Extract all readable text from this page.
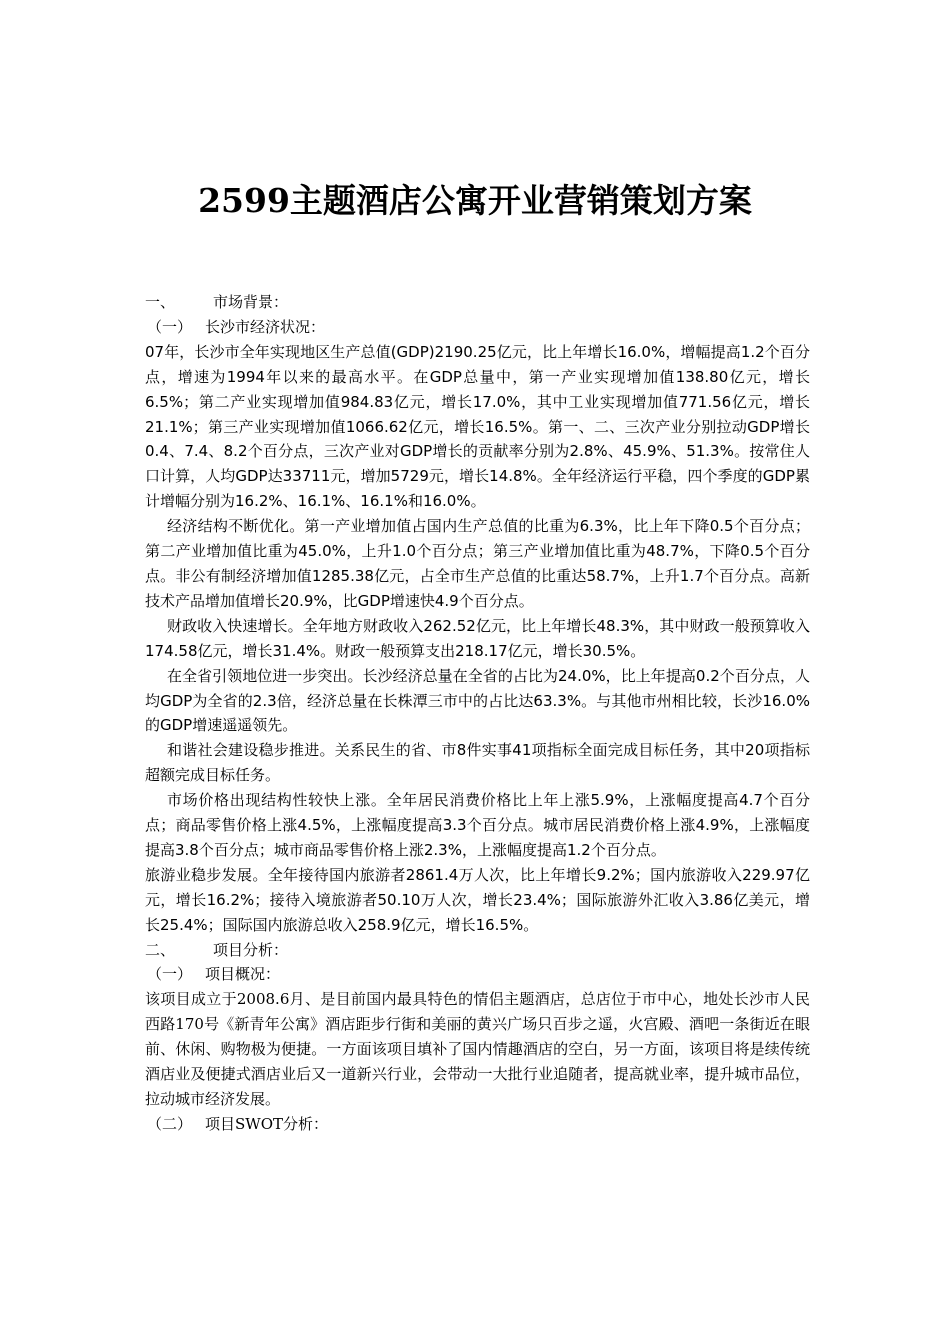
2599主题酒店公寓开业营销策划方案
一、	市场背景：
（一） 长沙市经济状况：

07年，长沙市全年实现地区生产总值(GDP)2190.25亿元，比上年增长16.0%，增幅提高1.2个百分点，增速为1994年以来的最高水平。在GDP总量中，第一产业实现增加值138.80亿元，增长6.5%；第二产业实现增加值984.83亿元，增长17.0%，其中工业实现增加值771.56亿元，增长21.1%；第三产业实现增加值1066.62亿元，增长16.5%。第一、二、三次产业分别拉动GDP增长0.4、7.4、8.2个百分点，三次产业对GDP增长的贡献率分别为2.8%、45.9%、51.3%。按常住人口计算，人均GDP达33711元，增加5729元，增长14.8%。全年经济运行平稳，四个季度的GDP累计增幅分别为16.2%、16.1%、16.1%和16.0%。

经济结构不断优化。第一产业增加值占国内生产总值的比重为6.3%，比上年下降0.5个百分点；第二产业增加值比重为45.0%，上升1.0个百分点；第三产业增加值比重为48.7%，下降0.5个百分点。非公有制经济增加值1285.38亿元，占全市生产总值的比重达58.7%，上升1.7个百分点。高新技术产品增加值增长20.9%，比GDP增速快4.9个百分点。

财政收入快速增长。全年地方财政收入262.52亿元，比上年增长48.3%，其中财政一般预算收入174.58亿元，增长31.4%。财政一般预算支出218.17亿元，增长30.5%。

在全省引领地位进一步突出。长沙经济总量在全省的占比为24.0%，比上年提高0.2个百分点，人均GDP为全省的2.3倍，经济总量在长株潭三市中的占比达63.3%。与其他市州相比较，长沙16.0%的GDP增速遥遥领先。

和谐社会建设稳步推进。关系民生的省、市8件实事41项指标全面完成目标任务，其中20项指标超额完成目标任务。

市场价格出现结构性较快上涨。全年居民消费价格比上年上涨5.9%，上涨幅度提高4.7个百分点；商品零售价格上涨4.5%，上涨幅度提高3.3个百分点。城市居民消费价格上涨4.9%，上涨幅度提高3.8个百分点；城市商品零售价格上涨2.3%，上涨幅度提高1.2个百分点。

旅游业稳步发展。全年接待国内旅游者2861.4万人次，比上年增长9.2%；国内旅游收入229.97亿元，增长16.2%；接待入境旅游者50.10万人次，增长23.4%；国际旅游外汇收入3.86亿美元，增长25.4%；国际国内旅游总收入258.9亿元，增长16.5%。

二、	项目分析：
（一） 项目概况：

该项目成立于2008.6月、是目前国内最具特色的情侣主题酒店，总店位于市中心，地处长沙市人民西路170号《新青年公寓》酒店距步行街和美丽的黄兴广场只百步之遥，火宫殿、酒吧一条街近在眼前、休闲、购物极为便捷。一方面该项目填补了国内情趣酒店的空白，另一方面，该项目将是续传统酒店业及便捷式酒店业后又一道新兴行业，会带动一大批行业追随者，提高就业率，提升城市品位，拉动城市经济发展。

（二） 项目SWOT分析：
